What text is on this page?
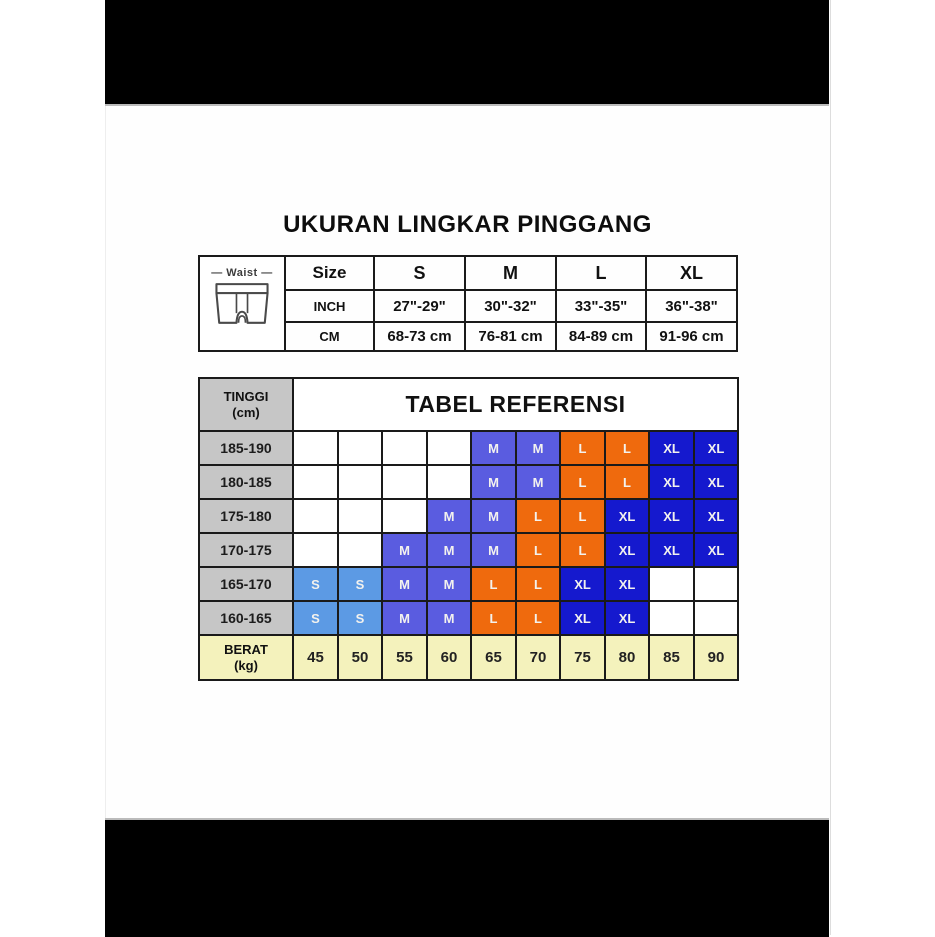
UKURAN LINGKAR PINGGANG
— Waist —	Size	S	M	L	XL
	INCH	27"-29"	30"-32"	33"-35"	36"-38"
	CM	68-73 cm	76-81 cm	84-89 cm	91-96 cm
TINGGI
(cm)	TABEL REFERENSI									
185-190					M	M	L	L	XL	XL
180-185					M	M	L	L	XL	XL
175-180				M	M	L	L	XL	XL	XL
170-175			M	M	M	L	L	XL	XL	XL
165-170	S	S	M	M	L	L	XL	XL		
160-165	S	S	M	M	L	L	XL	XL		

BERAT
(kg)	45	50	55	60	65	70	75	80	85	90
